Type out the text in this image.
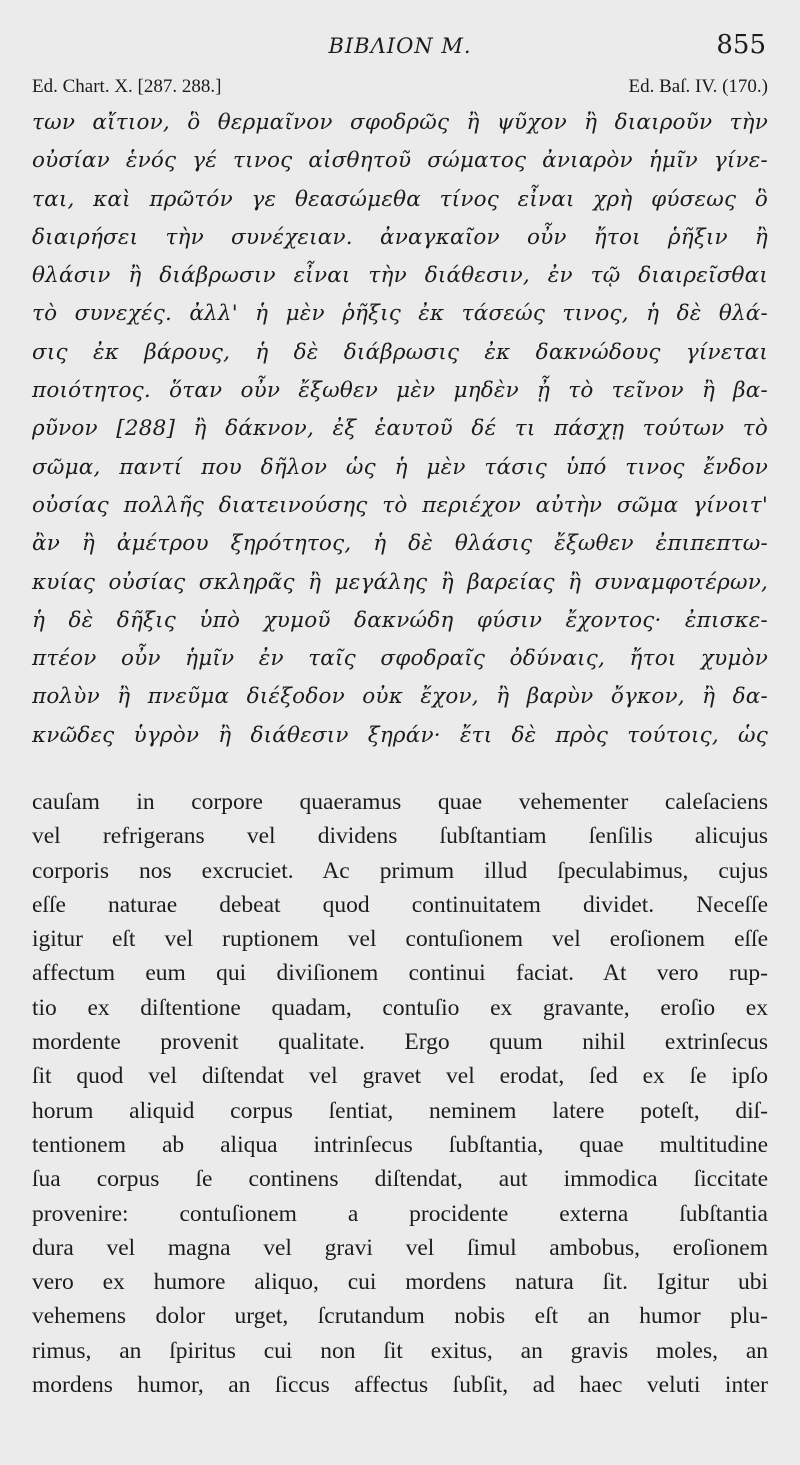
ΒΙΒΛΙΟΝ Μ.	855
Ed. Chart. X. [287. 288.]	Ed. Baſ. IV. (170.)
των αἴτιον, ὃ θερμαῖνον σφοδρῶς ἢ ψῦχον ἢ διαιροῦν τὴν
οὐσίαν ἑνός γέ τινος αἰσθητοῦ σώματος ἀνιαρὸν ἡμῖν γίνε-
ται, καὶ πρῶτόν γε θεασώμεθα τίνος εἶναι χρὴ φύσεως ὃ
διαιρήσει τὴν συνέχειαν. ἀναγκαῖον οὖν ἤτοι ῥῆξιν ἢ
θλάσιν ἢ διάβρωσιν εἶναι τὴν διάθεσιν, ἐν τῷ διαιρεῖσθαι
τὸ συνεχές. ἀλλ' ἡ μὲν ῥῆξις ἐκ τάσεώς τινος, ἡ δὲ θλά-
σις ἐκ βάρους, ἡ δὲ διάβρωσις ἐκ δακνώδους γίνεται
ποιότητος. ὅταν οὖν ἔξωθεν μὲν μηδὲν ᾖ τὸ τεῖνον ἢ βα-
ρῦνον [288] ἢ δάκνον, ἐξ ἑαυτοῦ δέ τι πάσχῃ τούτων τὸ
σῶμα, παντί που δῆλον ὡς ἡ μὲν τάσις ὑπό τινος ἔνδον
οὐσίας πολλῆς διατεινούσης τὸ περιέχον αὐτὴν σῶμα γίνοιτ'
ἂν ἢ ἀμέτρου ξηρότητος, ἡ δὲ θλάσις ἔξωθεν ἐπιπεπτω-
κυίας οὐσίας σκληρᾶς ἢ μεγάλης ἢ βαρείας ἢ συναμφοτέρων,
ἡ δὲ δῆξις ὑπὸ χυμοῦ δακνώδη φύσιν ἔχοντος· ἐπισκε-
πτέον οὖν ἡμῖν ἐν ταῖς σφοδραῖς ὀδύναις, ἤτοι χυμὸν
πολὺν ἢ πνεῦμα διέξοδον οὐκ ἔχον, ἢ βαρὺν ὄγκον, ἢ δα-
κνῶδες ὑγρὸν ἢ διάθεσιν ξηράν· ἔτι δὲ πρὸς τούτοις, ὡς
cauſam in corpore quaeramus quae vehementer caleſaciens
vel refrigerans vel dividens ſubſtantiam ſenſilis alicujus
corporis nos excruciet. Ac primum illud ſpeculabimus, cujus
eſſe naturae debeat quod continuitatem dividet. Neceſſe
igitur eſt vel ruptionem vel contuſionem vel eroſionem eſſe
affectum eum qui diviſionem continui faciat. At vero rup-
tio ex diſtentione quadam, contuſio ex gravante, eroſio ex
mordente provenit qualitate. Ergo quum nihil extrinſecus
ſit quod vel diſtendat vel gravet vel erodat, ſed ex ſe ipſo
horum aliquid corpus ſentiat, neminem latere poteſt, diſ-
tentionem ab aliqua intrinſecus ſubſtantia, quae multitudine
ſua corpus ſe continens diſtendat, aut immodica ſiccitate
provenire: contuſionem a procidente externa ſubſtantia
dura vel magna vel gravi vel ſimul ambobus, eroſionem
vero ex humore aliquo, cui mordens natura ſit. Igitur ubi
vehemens dolor urget, ſcrutandum nobis eſt an humor plu-
rimus, an ſpiritus cui non ſit exitus, an gravis moles, an
mordens humor, an ſiccus affectus ſubſit, ad haec veluti inter
